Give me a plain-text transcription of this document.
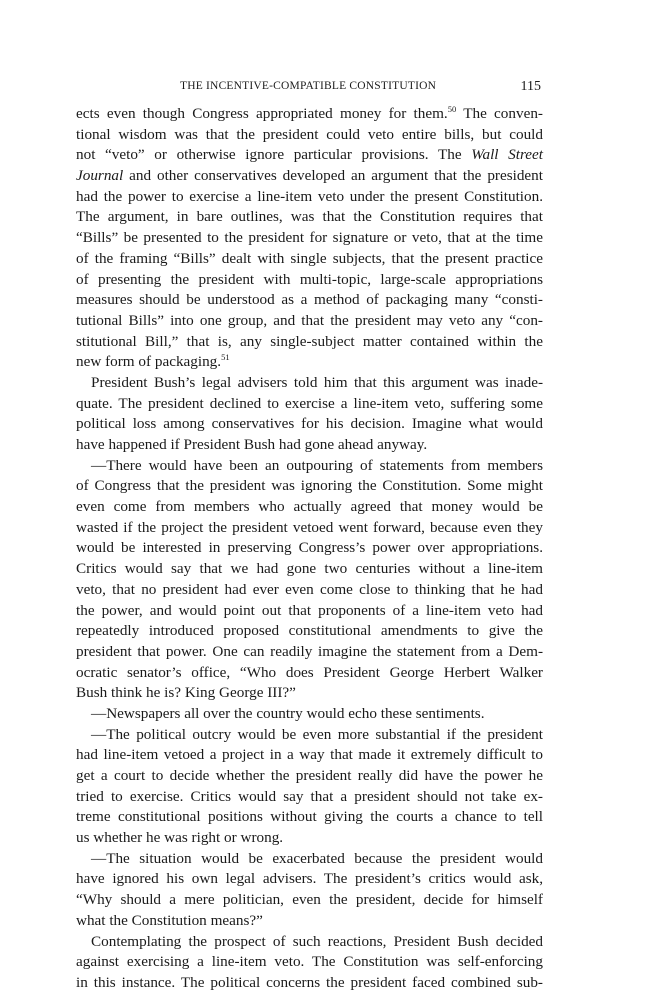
THE INCENTIVE-COMPATIBLE CONSTITUTION	115
ects even though Congress appropriated money for them.$^{50}$ The conven-
tional wisdom was that the president could veto entire bills, but could
not “veto” or otherwise ignore particular provisions. The Wall Street
Journal and other conservatives developed an argument that the president
had the power to exercise a line-item veto under the present Constitution.
The argument, in bare outlines, was that the Constitution requires that
“Bills” be presented to the president for signature or veto, that at the time
of the framing “Bills” dealt with single subjects, that the present practice
of presenting the president with multi-topic, large-scale appropriations
measures should be understood as a method of packaging many “consti-
tutional Bills” into one group, and that the president may veto any “con-
stitutional Bill,” that is, any single-subject matter contained within the
new form of packaging.$^{51}$
President Bush’s legal advisers told him that this argument was inade-
quate. The president declined to exercise a line-item veto, suffering some
political loss among conservatives for his decision. Imagine what would
have happened if President Bush had gone ahead anyway.
—There would have been an outpouring of statements from members
of Congress that the president was ignoring the Constitution. Some might
even come from members who actually agreed that money would be
wasted if the project the president vetoed went forward, because even they
would be interested in preserving Congress’s power over appropriations.
Critics would say that we had gone two centuries without a line-item
veto, that no president had ever even come close to thinking that he had
the power, and would point out that proponents of a line-item veto had
repeatedly introduced proposed constitutional amendments to give the
president that power. One can readily imagine the statement from a Dem-
ocratic senator’s office, “Who does President George Herbert Walker
Bush think he is? King George III?”
—Newspapers all over the country would echo these sentiments.
—The political outcry would be even more substantial if the president
had line-item vetoed a project in a way that made it extremely difficult to
get a court to decide whether the president really did have the power he
tried to exercise. Critics would say that a president should not take ex-
treme constitutional positions without giving the courts a chance to tell
us whether he was right or wrong.
—The situation would be exacerbated because the president would
have ignored his own legal advisers. The president’s critics would ask,
“Why should a mere politician, even the president, decide for himself
what the Constitution means?”
Contemplating the prospect of such reactions, President Bush decided
against exercising a line-item veto. The Constitution was self-enforcing
in this instance. The political concerns the president faced combined sub-
